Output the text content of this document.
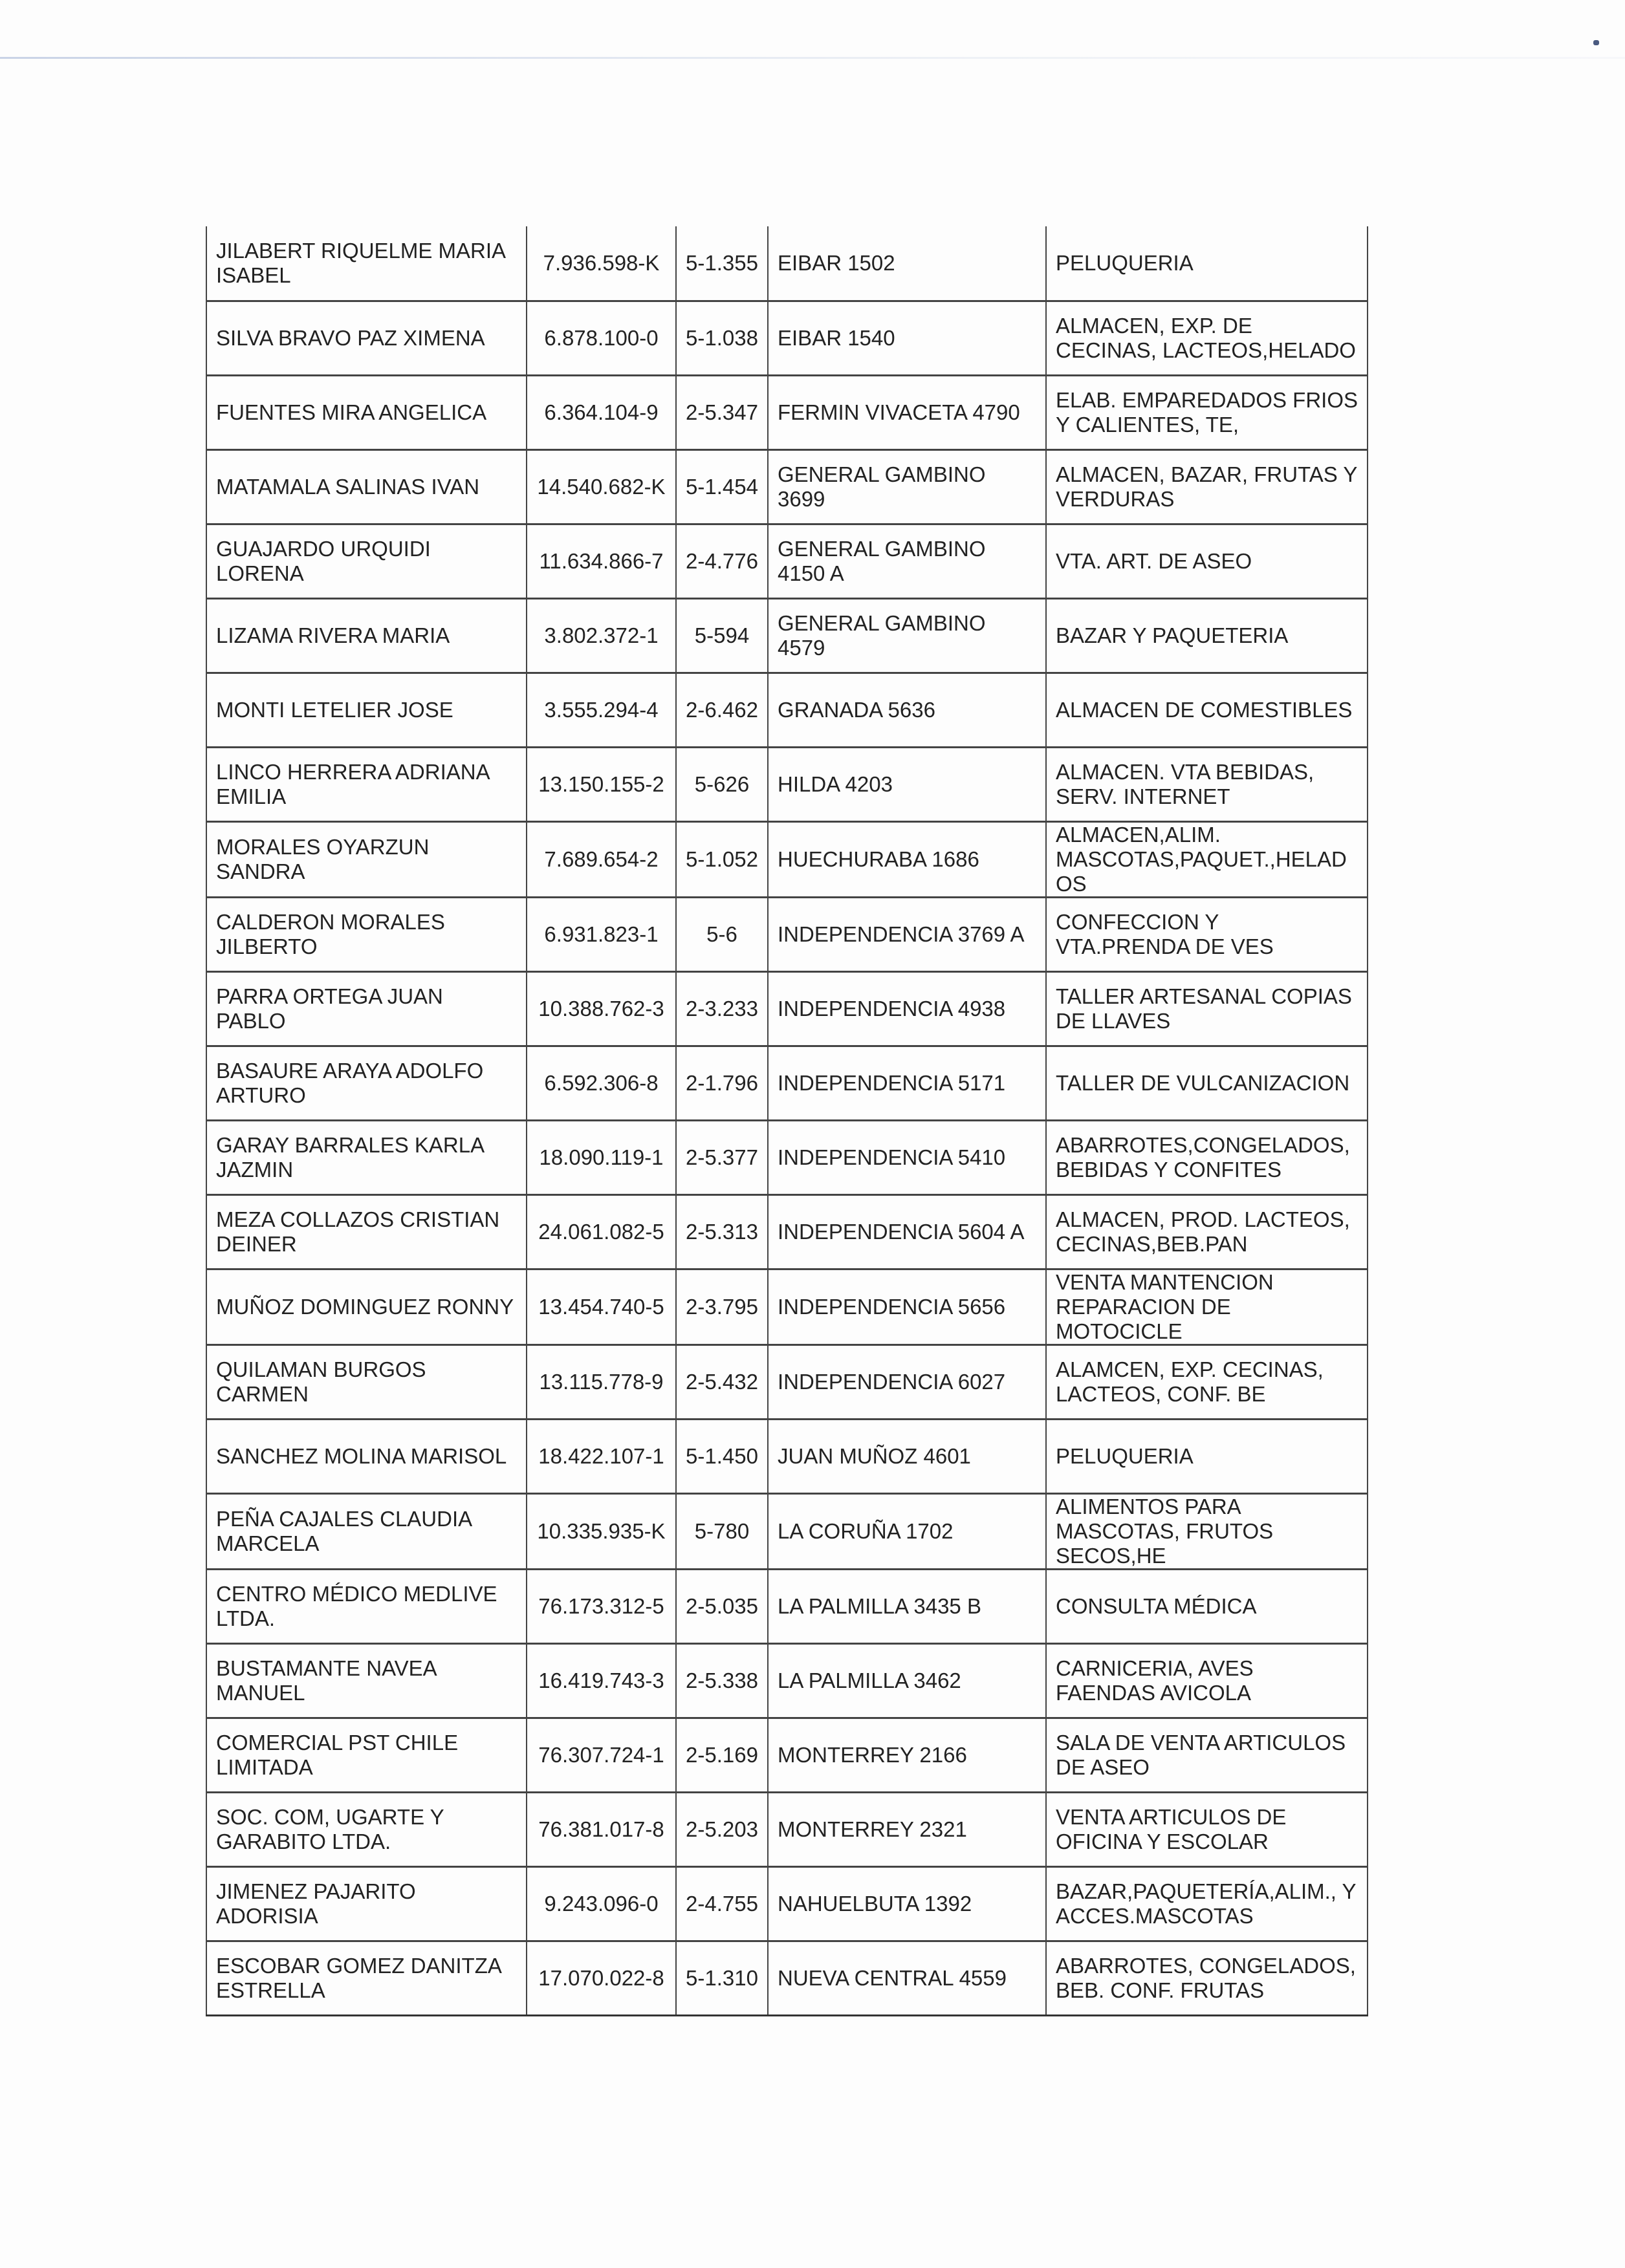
JILABERT RIQUELME MARIA ISABEL	7.936.598-K	5-1.355	EIBAR 1502	PELUQUERIA
SILVA BRAVO PAZ XIMENA	6.878.100-0	5-1.038	EIBAR 1540	ALMACEN, EXP. DE CECINAS, LACTEOS,HELADO
FUENTES MIRA ANGELICA	6.364.104-9	2-5.347	FERMIN VIVACETA 4790	ELAB. EMPAREDADOS FRIOS Y CALIENTES, TE,
MATAMALA SALINAS IVAN	14.540.682-K	5-1.454	GENERAL GAMBINO 3699	ALMACEN, BAZAR, FRUTAS Y VERDURAS
GUAJARDO URQUIDI LORENA	11.634.866-7	2-4.776	GENERAL GAMBINO 4150 A	VTA. ART. DE ASEO
LIZAMA RIVERA MARIA	3.802.372-1	5-594	GENERAL GAMBINO 4579	BAZAR Y PAQUETERIA
MONTI LETELIER JOSE	3.555.294-4	2-6.462	GRANADA 5636	ALMACEN DE COMESTIBLES
LINCO HERRERA ADRIANA EMILIA	13.150.155-2	5-626	HILDA 4203	ALMACEN. VTA BEBIDAS, SERV. INTERNET
MORALES OYARZUN SANDRA	7.689.654-2	5-1.052	HUECHURABA 1686	ALMACEN,ALIM. MASCOTAS,PAQUET.,HELADOS
CALDERON MORALES JILBERTO	6.931.823-1	5-6	INDEPENDENCIA 3769 A	CONFECCION Y VTA.PRENDA DE VES
PARRA ORTEGA JUAN PABLO	10.388.762-3	2-3.233	INDEPENDENCIA 4938	TALLER ARTESANAL COPIAS DE LLAVES
BASAURE ARAYA ADOLFO ARTURO	6.592.306-8	2-1.796	INDEPENDENCIA 5171	TALLER DE VULCANIZACION
GARAY BARRALES KARLA JAZMIN	18.090.119-1	2-5.377	INDEPENDENCIA 5410	ABARROTES,CONGELADOS, BEBIDAS Y CONFITES
MEZA COLLAZOS CRISTIAN DEINER	24.061.082-5	2-5.313	INDEPENDENCIA 5604 A	ALMACEN, PROD. LACTEOS, CECINAS,BEB.PAN
MUÑOZ DOMINGUEZ RONNY	13.454.740-5	2-3.795	INDEPENDENCIA 5656	VENTA MANTENCION REPARACION DE MOTOCICLE
QUILAMAN BURGOS CARMEN	13.115.778-9	2-5.432	INDEPENDENCIA 6027	ALAMCEN, EXP. CECINAS, LACTEOS, CONF. BE
SANCHEZ MOLINA MARISOL	18.422.107-1	5-1.450	JUAN MUÑOZ 4601	PELUQUERIA
PEÑA CAJALES CLAUDIA MARCELA	10.335.935-K	5-780	LA CORUÑA 1702	ALIMENTOS PARA MASCOTAS, FRUTOS SECOS,HE
CENTRO MÉDICO MEDLIVE LTDA.	76.173.312-5	2-5.035	LA PALMILLA 3435 B	CONSULTA MÉDICA
BUSTAMANTE NAVEA MANUEL	16.419.743-3	2-5.338	LA PALMILLA 3462	CARNICERIA, AVES FAENDAS AVICOLA
COMERCIAL PST CHILE LIMITADA	76.307.724-1	2-5.169	MONTERREY 2166	SALA DE VENTA ARTICULOS DE ASEO
SOC. COM, UGARTE Y GARABITO LTDA.	76.381.017-8	2-5.203	MONTERREY 2321	VENTA ARTICULOS DE OFICINA Y ESCOLAR
JIMENEZ PAJARITO ADORISIA	9.243.096-0	2-4.755	NAHUELBUTA 1392	BAZAR,PAQUETERÍA,ALIM., Y ACCES.MASCOTAS
ESCOBAR GOMEZ DANITZA ESTRELLA	17.070.022-8	5-1.310	NUEVA CENTRAL 4559	ABARROTES, CONGELADOS, BEB. CONF. FRUTAS
